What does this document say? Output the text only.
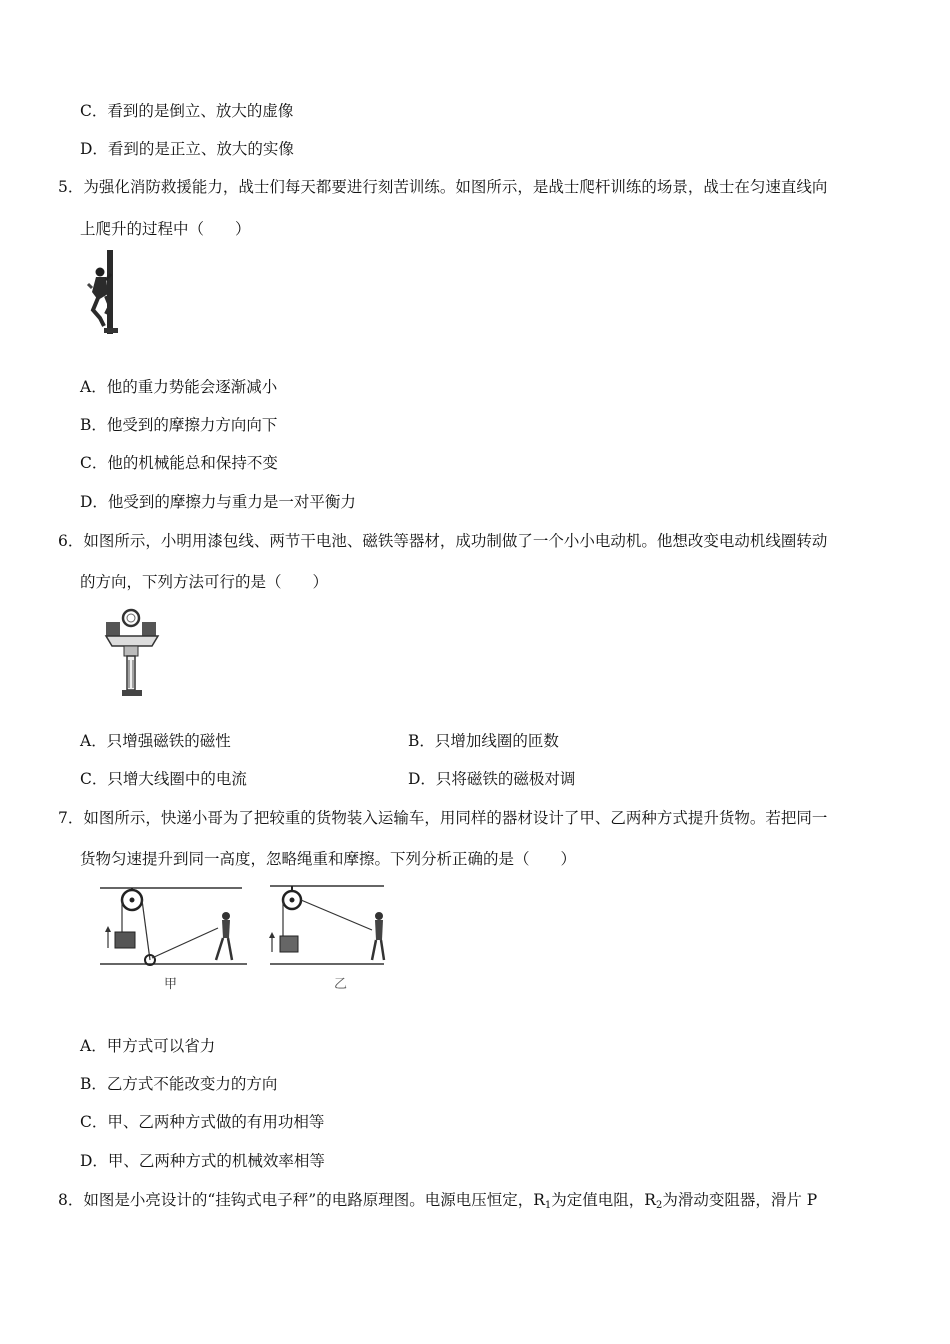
C．看到的是倒立、放大的虚像
D．看到的是正立、放大的实像
5．为强化消防救援能力，战士们每天都要进行刻苦训练。如图所示，是战士爬杆训练的场景，战士在匀速直线向
上爬升的过程中（　　）
A．他的重力势能会逐渐减小
B．他受到的摩擦力方向向下
C．他的机械能总和保持不变
D．他受到的摩擦力与重力是一对平衡力
6．如图所示，小明用漆包线、两节干电池、磁铁等器材，成功制做了一个小小电动机。他想改变电动机线圈转动
的方向，下列方法可行的是（　　）
A．只增强磁铁的磁性	B．只增加线圈的匝数
C．只增大线圈中的电流	D．只将磁铁的磁极对调
7．如图所示，快递小哥为了把较重的货物装入运输车，用同样的器材设计了甲、乙两种方式提升货物。若把同一
货物匀速提升到同一高度，忽略绳重和摩擦。下列分析正确的是（　　）
甲	乙
A．甲方式可以省力
B．乙方式不能改变力的方向
C．甲、乙两种方式做的有用功相等
D．甲、乙两种方式的机械效率相等
8．如图是小亮设计的“挂钩式电子秤”的电路原理图。电源电压恒定，$R_1$为定值电阻，$R_2$为滑动变阻器，滑片 P
